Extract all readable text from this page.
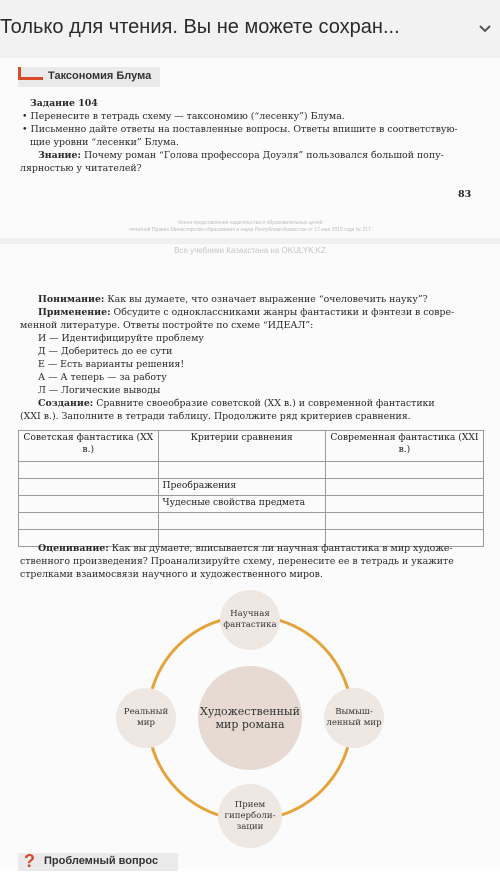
Только для чтения. Вы не можете сохран...
Таксономия Блума
Задание 104
• Перенесите в тетрадь схему — таксономию (“лесенку”) Блума.
• Письменно дайте ответы на поставленные вопросы. Ответы впишите в соответствую-
щие уровни “лесенки” Блума.
Знание: Почему роман “Голова профессора Доуэля” пользовался большой попу-
лярностью у читателей?
83
Члена представления издательства и образовательных целей
печатной Правил Министерства образования и науки Республики Казахстан от 17 мая 2019 года № 217
Все учебники Казахстана на OKULYK.KZ
Понимание: Как вы думаете, что означает выражение “очеловечить науку”?
Применение: Обсудите с одноклассниками жанры фантастики и фэнтези в совре-
менной литературе. Ответы постройте по схеме “ИДЕАЛ”:
И — Идентифицируйте проблему
Д — Доберитесь до ее сути
Е — Есть варианты решения!
А — А теперь — за работу
Л — Логические выводы
Создание: Сравните своеобразие советской (XX в.) и современной фантастики
(XXI в.). Заполните в тетради таблицу. Продолжите ряд критериев сравнения.
Советская фантастика (XX в.)	Критерии сравнения	Современная фантастика (XXI в.)

	Преображения	
	Чудесные свойства предмета	

Оценивание: Как вы думаете, вписывается ли научная фантастика в мир художе-
ственного произведения? Проанализируйте схему, перенесите ее в тетрадь и укажите
стрелками взаимосвязи научного и художественного миров.
Художественный мир романа
Научная фантастика
Реальный мир
Вымыш-ленный мир
Прием гиперболи-зации
? Проблемный вопрос
